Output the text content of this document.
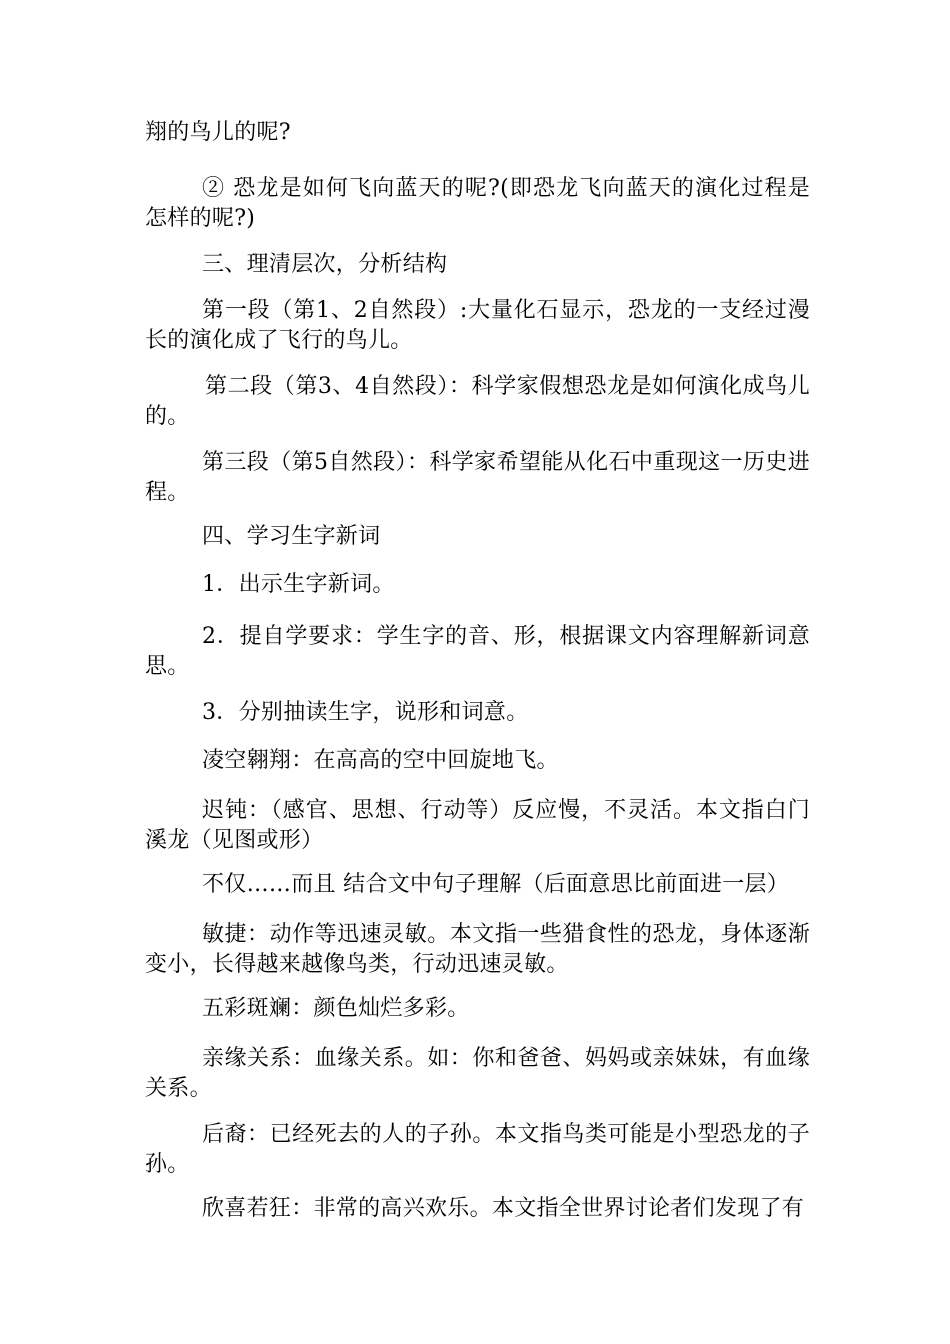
翔的鸟儿的呢?
② 恐龙是如何飞向蓝天的呢?(即恐龙飞向蓝天的演化过程是怎样的呢?)
三、理清层次，分析结构
第一段（第1、2自然段）:大量化石显示，恐龙的一支经过漫长的演化成了飞行的鸟儿。
第二段（第3、4自然段）：科学家假想恐龙是如何演化成鸟儿的。
第三段（第5自然段）：科学家希望能从化石中重现这一历史进程。
四、学习生字新词
1．出示生字新词。
2．提自学要求：学生字的音、形，根据课文内容理解新词意思。
3．分别抽读生字，说形和词意。
凌空翱翔：在高高的空中回旋地飞。
迟钝：（感官、思想、行动等）反应慢，不灵活。本文指白门溪龙（见图或形）
不仅……而且 结合文中句子理解（后面意思比前面进一层）
敏捷：动作等迅速灵敏。本文指一些猎食性的恐龙，身体逐渐变小，长得越来越像鸟类，行动迅速灵敏。
五彩斑斓：颜色灿烂多彩。
亲缘关系：血缘关系。如：你和爸爸、妈妈或亲妹妹，有血缘关系。
后裔：已经死去的人的子孙。本文指鸟类可能是小型恐龙的子孙。
欣喜若狂：非常的高兴欢乐。本文指全世界讨论者们发现了有
